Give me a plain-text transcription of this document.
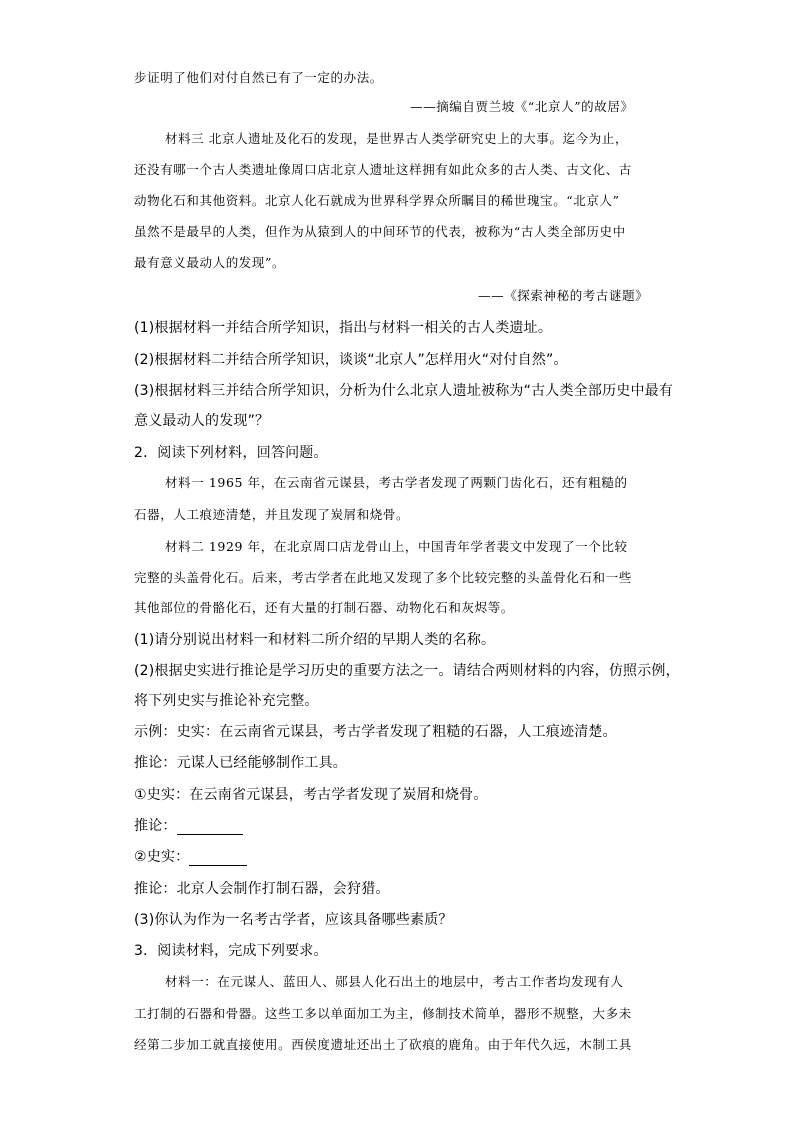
步证明了他们对付自然已有了一定的办法。
——摘编自贾兰坡《“北京人”的故居》
材料三 北京人遗址及化石的发现，是世界古人类学研究史上的大事。迄今为止，
还没有哪一个古人类遗址像周口店北京人遗址这样拥有如此众多的古人类、古文化、古
动物化石和其他资料。北京人化石就成为世界科学界众所瞩目的稀世瑰宝。“北京人”
虽然不是最早的人类，但作为从猿到人的中间环节的代表，被称为“古人类全部历史中
最有意义最动人的发现”。
——《探索神秘的考古谜题》
(1)根据材料一并结合所学知识，指出与材料一相关的古人类遗址。
(2)根据材料二并结合所学知识，谈谈“北京人”怎样用火“对付自然”。
(3)根据材料三并结合所学知识，分析为什么北京人遗址被称为“古人类全部历史中最有
意义最动人的发现”？
2．阅读下列材料，回答问题。
材料一 1965 年，在云南省元谋县，考古学者发现了两颗门齿化石，还有粗糙的
石器，人工痕迹清楚，并且发现了炭屑和烧骨。
材料二 1929 年，在北京周口店龙骨山上，中国青年学者裴文中发现了一个比较
完整的头盖骨化石。后来，考古学者在此地又发现了多个比较完整的头盖骨化石和一些
其他部位的骨骼化石，还有大量的打制石器、动物化石和灰烬等。
(1)请分别说出材料一和材料二所介绍的早期人类的名称。
(2)根据史实进行推论是学习历史的重要方法之一。请结合两则材料的内容，仿照示例，
将下列史实与推论补充完整。
示例：史实：在云南省元谋县，考古学者发现了粗糙的石器，人工痕迹清楚。
推论：元谋人已经能够制作工具。
①史实：在云南省元谋县，考古学者发现了炭屑和烧骨。
推论：
②史实：
推论：北京人会制作打制石器，会狩猎。
(3)你认为作为一名考古学者，应该具备哪些素质？
3．阅读材料，完成下列要求。
材料一：在元谋人、蓝田人、郧县人化石出土的地层中，考古工作者均发现有人
工打制的石器和骨器。这些工多以单面加工为主，修制技术简单，器形不规整，大多未
经第二步加工就直接使用。西侯度遗址还出土了砍痕的鹿角。由于年代久远，木制工具
